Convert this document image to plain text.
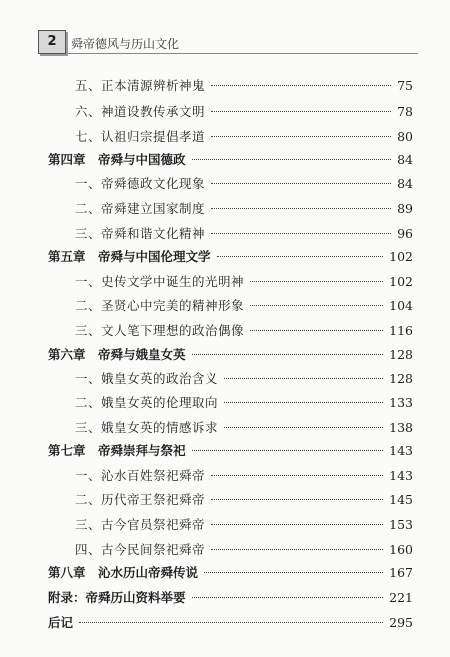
2	舜帝德风与历山文化
五、正本清源辨析神鬼	75
六、神道设教传承文明	78
七、认祖归宗提倡孝道	80
第四章　帝舜与中国德政	84
一、帝舜德政文化现象	84
二、帝舜建立国家制度	89
三、帝舜和谐文化精神	96
第五章　帝舜与中国伦理文学	102
一、史传文学中诞生的光明神	102
二、圣贤心中完美的精神形象	104
三、文人笔下理想的政治偶像	116
第六章　帝舜与娥皇女英	128
一、娥皇女英的政治含义	128
二、娥皇女英的伦理取向	133
三、娥皇女英的情感诉求	138
第七章　帝舜崇拜与祭祀	143
一、沁水百姓祭祀舜帝	143
二、历代帝王祭祀舜帝	145
三、古今官员祭祀舜帝	153
四、古今民间祭祀舜帝	160
第八章　沁水历山帝舜传说	167
附录：帝舜历山资料举要	221
后记	295
